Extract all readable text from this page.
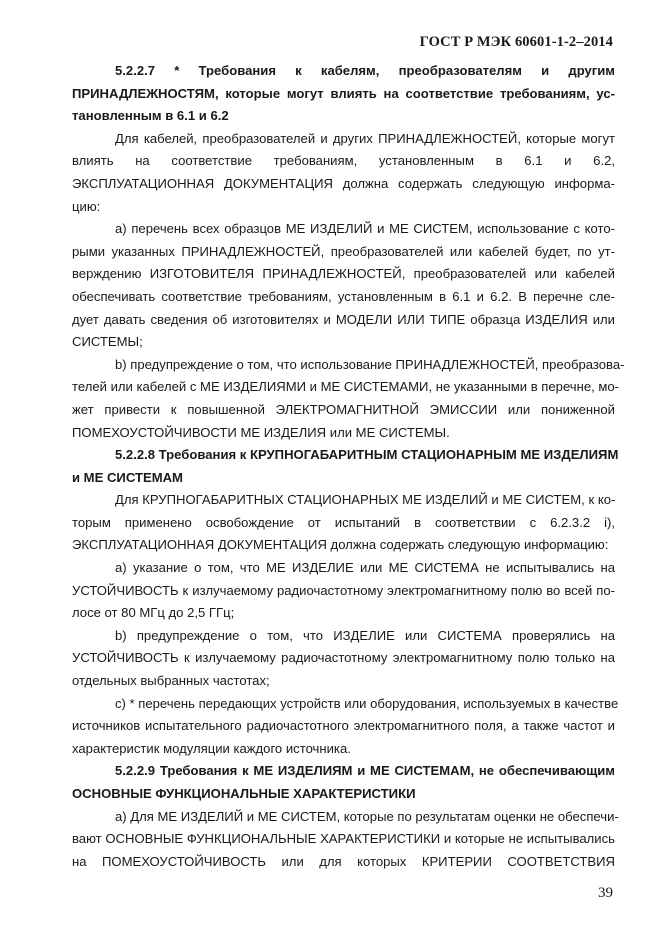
ГОСТ Р МЭК 60601-1-2–2014
5.2.2.7 * Требования к кабелям, преобразователям и другим
ПРИНАДЛЕЖНОСТЯМ, которые могут влиять на соответствие требованиям, ус-
тановленным в 6.1 и 6.2
Для кабелей, преобразователей и других ПРИНАДЛЕЖНОСТЕЙ, которые могут
влиять на соответствие требованиям, установленным в 6.1 и 6.2,
ЭКСПЛУАТАЦИОННАЯ ДОКУМЕНТАЦИЯ должна содержать следующую информа-
цию:
a) перечень всех образцов МЕ ИЗДЕЛИЙ и МЕ СИСТЕМ, использование с кото-
рыми указанных ПРИНАДЛЕЖНОСТЕЙ, преобразователей или кабелей будет, по ут-
верждению ИЗГОТОВИТЕЛЯ ПРИНАДЛЕЖНОСТЕЙ, преобразователей или кабелей
обеспечивать соответствие требованиям, установленным в 6.1 и 6.2. В перечне сле-
дует давать сведения об изготовителях и МОДЕЛИ ИЛИ ТИПЕ образца ИЗДЕЛИЯ или
СИСТЕМЫ;
b) предупреждение о том, что использование ПРИНАДЛЕЖНОСТЕЙ, преобразова-
телей или кабелей с МЕ ИЗДЕЛИЯМИ и МЕ СИСТЕМАМИ, не указанными в перечне, мо-
жет привести к повышенной ЭЛЕКТРОМАГНИТНОЙ ЭМИССИИ или пониженной
ПОМЕХОУСТОЙЧИВОСТИ МЕ ИЗДЕЛИЯ или МЕ СИСТЕМЫ.
5.2.2.8 Требования к КРУПНОГАБАРИТНЫМ СТАЦИОНАРНЫМ МЕ ИЗДЕЛИЯМ
и МЕ СИСТЕМАМ
Для КРУПНОГАБАРИТНЫХ СТАЦИОНАРНЫХ МЕ ИЗДЕЛИЙ и МЕ СИСТЕМ, к ко-
торым применено освобождение от испытаний в соответствии с 6.2.3.2 i),
ЭКСПЛУАТАЦИОННАЯ ДОКУМЕНТАЦИЯ должна содержать следующую информацию:
a) указание о том, что МЕ ИЗДЕЛИЕ или МЕ СИСТЕМА не испытывались на
УСТОЙЧИВОСТЬ к излучаемому радиочастотному электромагнитному полю во всей по-
лосе от 80 МГц до 2,5 ГГц;
b) предупреждение о том, что ИЗДЕЛИЕ или СИСТЕМА проверялись на
УСТОЙЧИВОСТЬ к излучаемому радиочастотному электромагнитному полю только на
отдельных выбранных частотах;
c) * перечень передающих устройств или оборудования, используемых в качестве
источников испытательного радиочастотного электромагнитного поля, а также частот и
характеристик модуляции каждого источника.
5.2.2.9 Требования к МЕ ИЗДЕЛИЯМ и МЕ СИСТЕМАМ, не обеспечивающим
ОСНОВНЫЕ ФУНКЦИОНАЛЬНЫЕ ХАРАКТЕРИСТИКИ
a) Для МЕ ИЗДЕЛИЙ и МЕ СИСТЕМ, которые по результатам оценки не обеспечи-
вают ОСНОВНЫЕ ФУНКЦИОНАЛЬНЫЕ ХАРАКТЕРИСТИКИ и которые не испытывались
на ПОМЕХОУСТОЙЧИВОСТЬ или для которых КРИТЕРИИ СООТВЕТСТВИЯ
39
